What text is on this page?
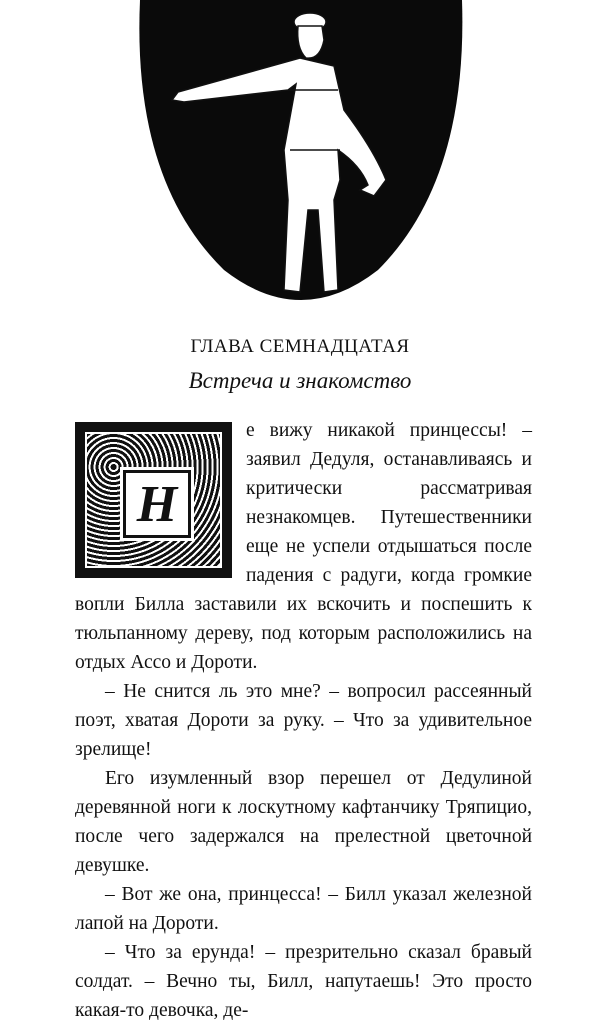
ГЛАВА СЕМНАДЦАТАЯ
Встреча и знакомство
Н

е вижу никакой принцессы! – заявил Дедуля, останавливаясь и критически рассматривая незнакомцев. Путешественники еще не успели отдышаться после падения с радуги, когда громкие вопли Билла заставили их вскочить и поспешить к тюльпанному дереву, под которым расположились на отдых Ассо и Дороти.

– Не снится ль это мне? – вопросил рассеянный поэт, хватая Дороти за руку. – Что за удивительное зрелище!

Его изумленный взор перешел от Дедулиной деревянной ноги к лоскутному кафтанчику Тряпицио, после чего задержался на прелестной цветочной девушке.

– Вот же она, принцесса! – Билл указал железной лапой на Дороти.

– Что за ерунда! – презрительно сказал бравый солдат. – Вечно ты, Билл, напутаешь! Это просто какая-то девочка, де-
